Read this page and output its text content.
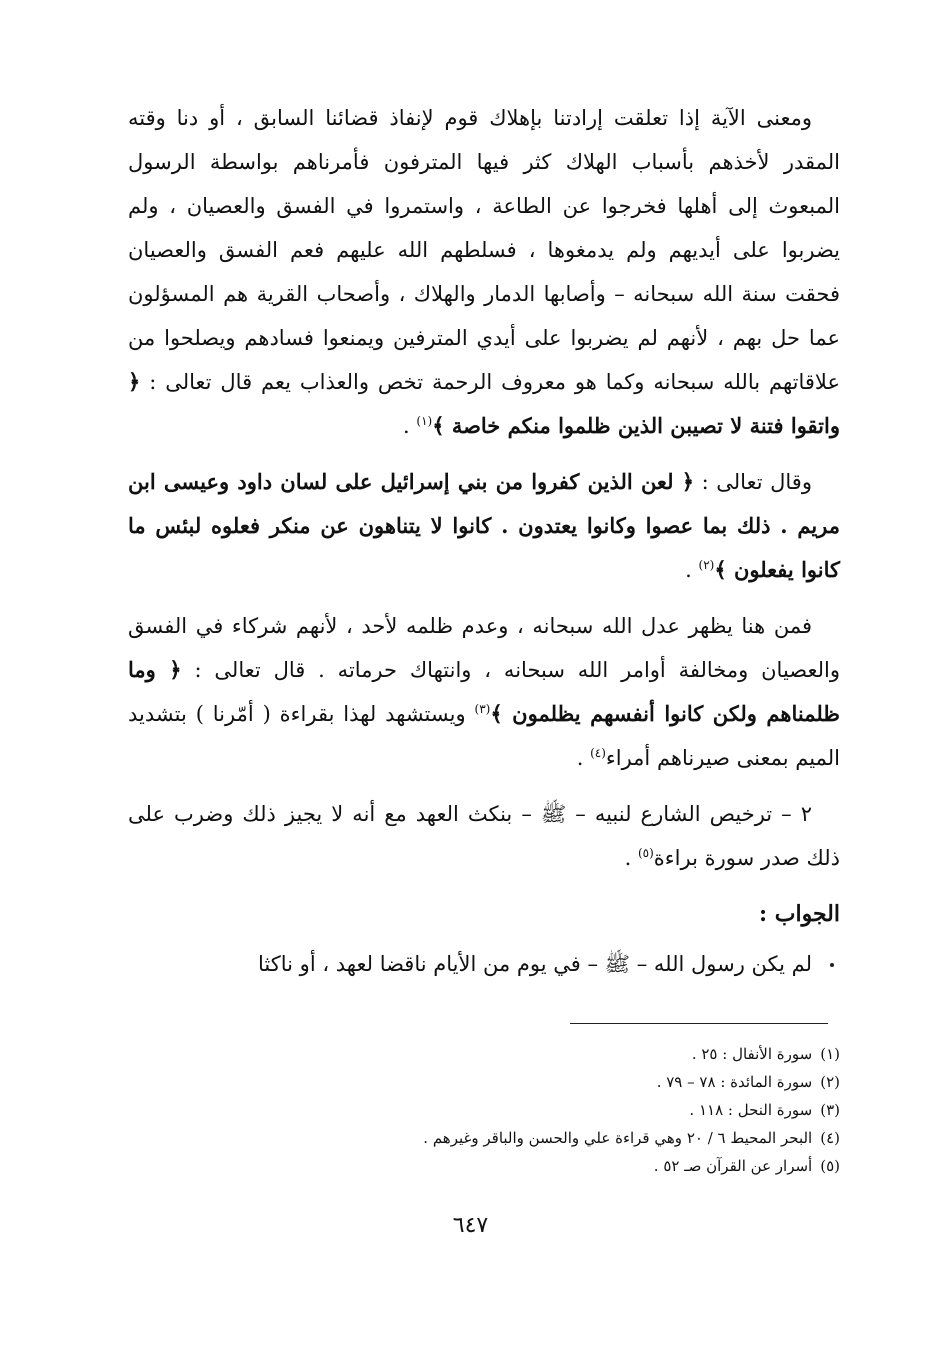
ومعنى الآية إذا تعلقت إرادتنا بإهلاك قوم لإنفاذ قضائنا السابق ، أو دنا وقته المقدر لأخذهم بأسباب الهلاك كثر فيها المترفون فأمرناهم بواسطة الرسول المبعوث إلى أهلها فخرجوا عن الطاعة ، واستمروا في الفسق والعصيان ، ولم يضربوا على أيديهم ولم يدمغوها ، فسلطهم الله عليهم فعم الفسق والعصيان فحقت سنة الله سبحانه – وأصابها الدمار والهلاك ، وأصحاب القرية هم المسؤلون عما حل بهم ، لأنهم لم يضربوا على أيدي المترفين ويمنعوا فسادهم ويصلحوا من علاقاتهم بالله سبحانه وكما هو معروف الرحمة تخص والعذاب يعم قال تعالى : ﴿ واتقوا فتنة لا تصيبن الذين ظلموا منكم خاصة ﴾$^{(١)}$ .

وقال تعالى : ﴿ لعن الذين كفروا من بني إسرائيل على لسان داود وعيسى ابن مريم . ذلك بما عصوا وكانوا يعتدون . كانوا لا يتناهون عن منكر فعلوه لبئس ما كانوا يفعلون ﴾$^{(٢)}$ .

فمن هنا يظهر عدل الله سبحانه ، وعدم ظلمه لأحد ، لأنهم شركاء في الفسق والعصيان ومخالفة أوامر الله سبحانه ، وانتهاك حرماته . قال تعالى : ﴿ وما ظلمناهم ولكن كانوا أنفسهم يظلمون ﴾$^{(٣)}$ ويستشهد لهذا بقراءة ( أمّرنا ) بتشديد الميم بمعنى صيرناهم أمراء$^{(٤)}$ .

٢ – ترخيص الشارع لنبيه – ﷺ – بنكث العهد مع أنه لا يجيز ذلك وضرب على ذلك صدر سورة براءة$^{(٥)}$ .

الجواب :

لم يكن رسول الله – ﷺ – في يوم من الأيام ناقضا لعهد ، أو ناكثا

(١)سورة الأنفال : ٢٥ .
(٢)سورة المائدة : ٧٨ – ٧٩ .
(٣)سورة النحل : ١١٨ .
(٤)البحر المحيط ٦ / ٢٠ وهي قراءة علي والحسن والباقر وغيرهم .
(٥)أسرار عن القرآن صـ ٥٢ .
٦٤٧
